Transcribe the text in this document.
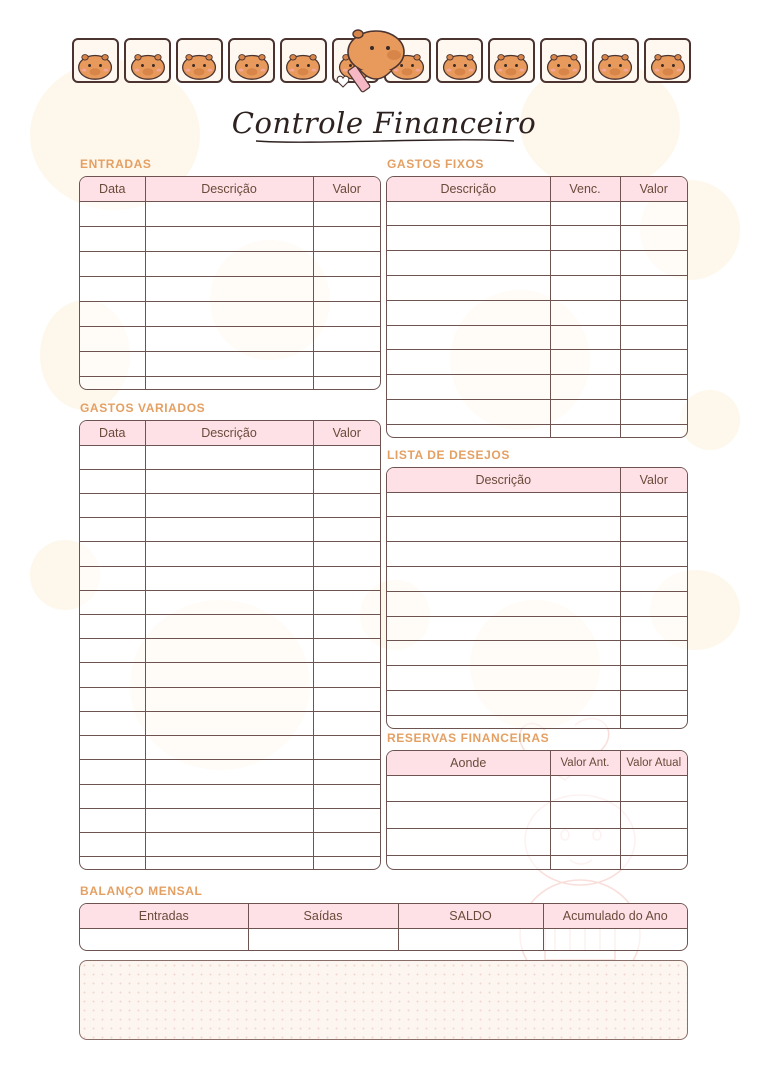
Controle Financeiro
ENTRADAS
Data	Descrição	Valor

GASTOS FIXOS
Descrição	Venc.	Valor

GASTOS VARIADOS
Data	Descrição	Valor

LISTA DE DESEJOS
Descrição	Valor

RESERVAS FINANCEIRAS
Aonde	Valor Ant.	Valor Atual

BALANÇO MENSAL
Entradas	Saídas	SALDO	Acumulado do Ano
